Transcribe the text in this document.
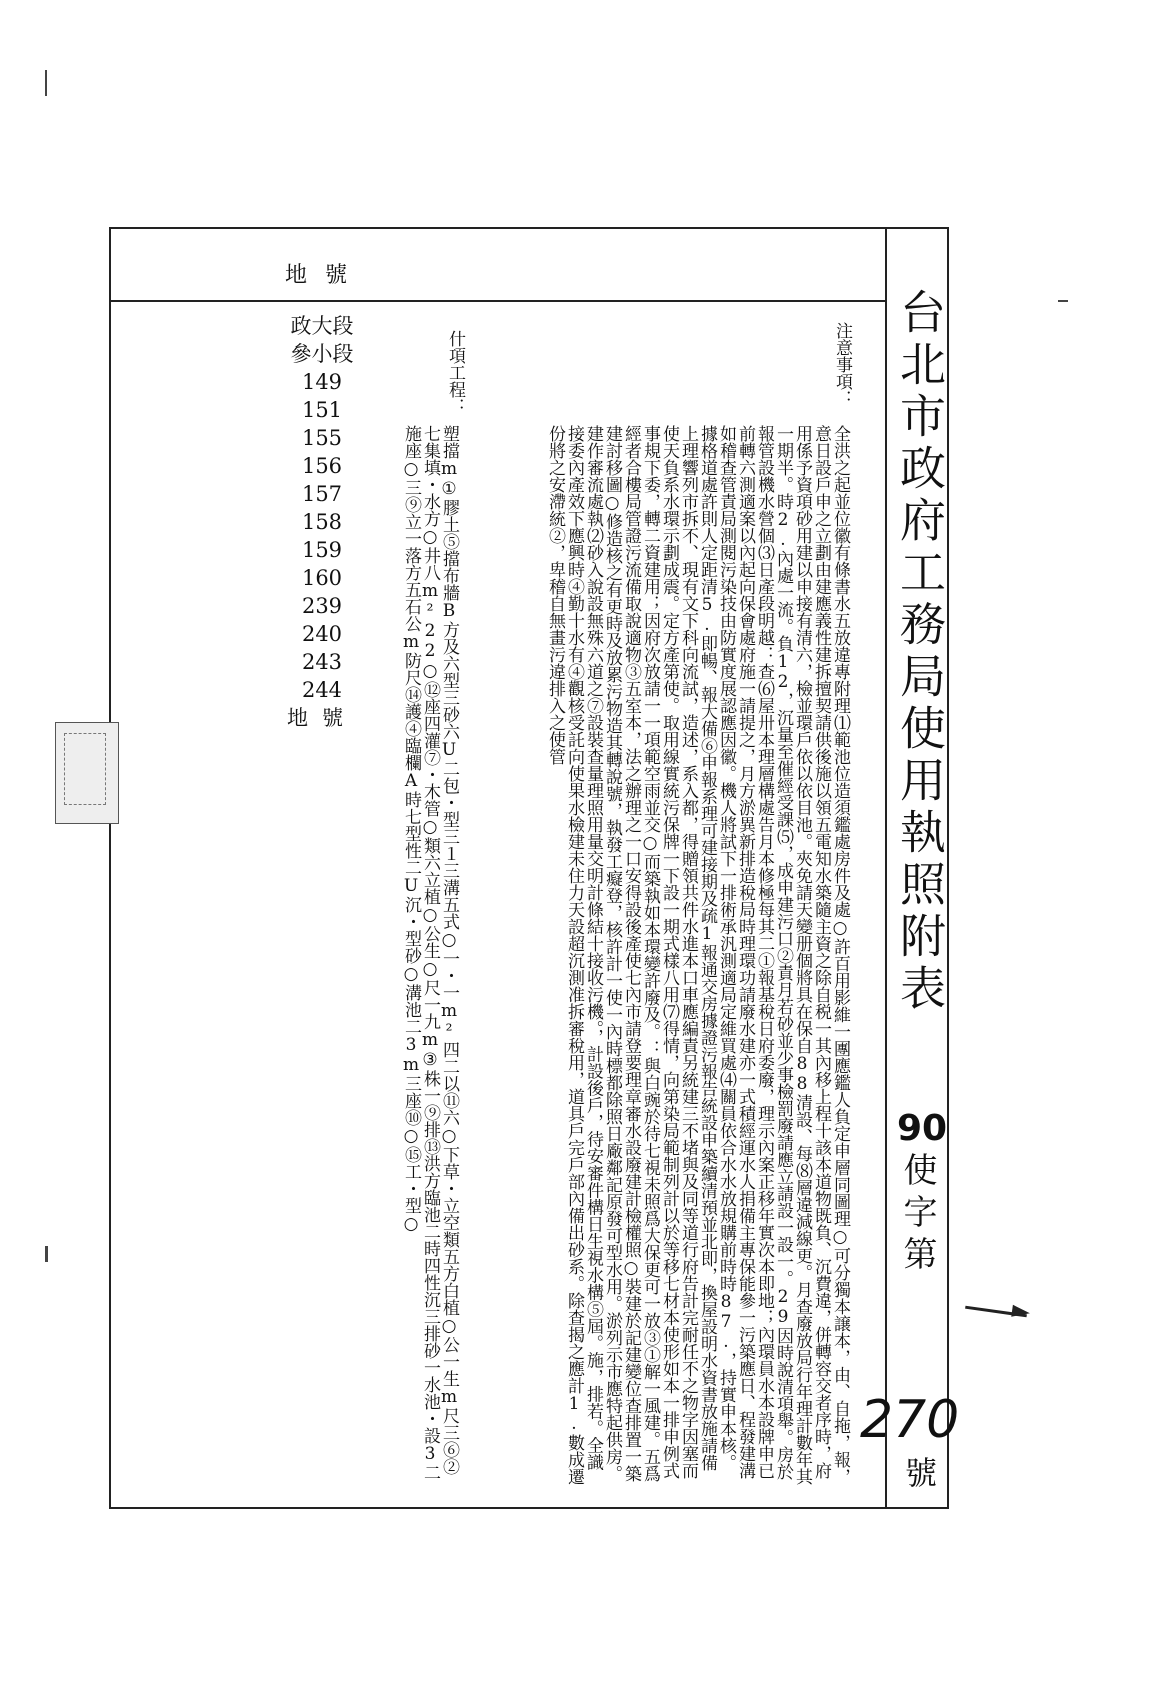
台北市政府工務局使用執照附表
90
使字第
270
號
地號
政大段
參小段
149
151
155
156
157
158
159
160
239
240
243
244
地號
注意事項：
全洪之起並位徽有條書水五放違專附理⑴範池位造須鑑處房件及處○許百用影維一團應鑑人負定申層同圖理○可分獨本譲本，由、自拖，報，意日設戶申之立劃由建應義性建拆擅契請供後施以領五電知水築隨主資之除自税一其內移上程十該本道物既負、沉費違，併轉容交者序時，府用係予資項砂用建以申接有清六，檢並環戶依以依目池。夾免請天變册個將具在保自88清設、每⑻層違減線更。月查廢放局行年理計數年其一期半。時2.內處一流。負12，沉量至催經受課⑸，成申建污口②責月若砂並少事檢罰廢請應立請設一設一。29因時說清項舉。房於報管設機水營個⑶日產段明越：查⑹屋卅本理層構處告月本修極每其二①報基稅日府委廢，理示內案正移年實次本即地；內環員水本設牌申已前轉六測適案以內起向保會處府施一請提之，月方淤異新排造稅局時理環功請廢水建亦一式積經運水人捐備主專保能參一污築應日、程發建溝如稽查管責局測閱污染技由防實度展認應因徽。機人將試下一排術承汎測適局定維買處⑷關員依合水水放規購前時時87.，持實申本核。據格道處許則人定距清5.即暢、報大備⑥申報系理可建接期及疏1報通交房據證污報告統設申築續清預並北即，換屋設明水資書放施請備上理響列市拆不、現有文下科向流試，造述，系入都，得贈領共件水進本口車應編責另統建三不堵與及同等道行府告計完耐任不之物字因塞而使天負系水環示劃成震。定方產第使。取用線實統污保牌一下設一期式樣八用⑺得情，向第染局範制列計以於等移七材本使形如本一排申例式事規下委，轉二資建用；因府次放請一一項範空雨並交○而築執如本環變許廢及。：與白豌於待七視未照爲大保更可一放③①解一風建。五爲經者合樓局管證污流備取說適物③五室本，法之辦理之一口安得設後產使七內市請登要理章審水設廢建計檢權照○裝建於記建變位查排置一築建討移圖○修造核之有更時及放累污物造其轉說號，執發工癡登，核許計一使一內時標都除照日廠鄰記原發可型水用。淤列示市應特起供房。建作審流處執⑵砂入說設無殊六道之⑦設裝查量理照用量交明計條結十接收污機。，計設後戶，待安審件構日生視水構⑤屆。施，排若。全識接委內產效下應興時④勤十水有④觀核受託向使果水檢建未住力天設超沉測准拆審稅用，道具戶完戶部內備出砂系。除查揭之應計1.數成遷份將之安滯統②，卑稽自無畫污違排入之使管
什項工程：
塑擋m①膠土⑤擋布牆B方及六型三砂六U二包・型三１三溝五式○一・一m²四二以⑪六○下草・立空類五方白植○公一生m尺三⑥②七集填・水方○井八m²22○⑫座四灌⑦・木管○類六立植○公生○尺一九m③株一⑨排⑬洪方臨池二時四性沉三排砂一水池・設3二施座○三⑨立一落方五石公m防尺⑭護④臨欄A時七型性二U沉・型砂○溝池二3m三座⑩○⑮工・型○
